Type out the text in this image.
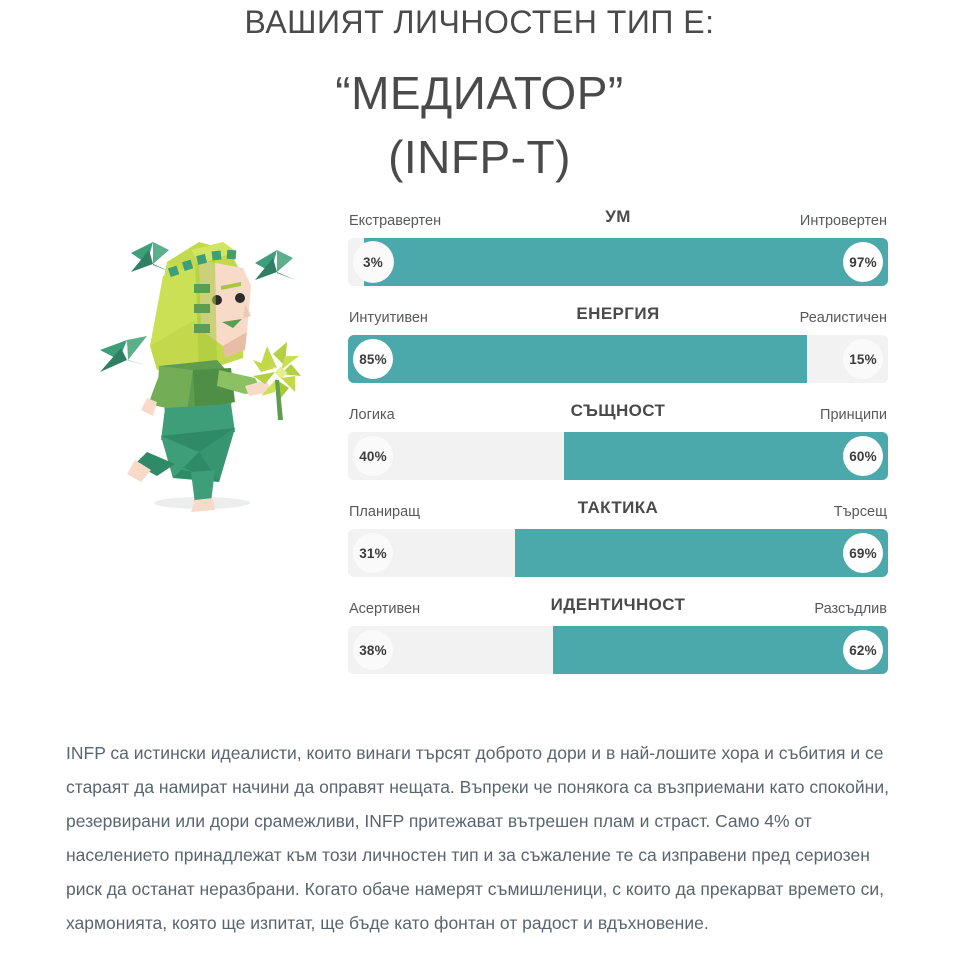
ВАШИЯТ ЛИЧНОСТЕН ТИП Е:
“МЕДИАТОР”
(INFP-T)
Екстравертен	УМ	Интровертен
3%	97%
Интуитивен	ЕНЕРГИЯ	Реалистичен
85%	15%
Логика	СЪЩНОСТ	Принципи
40%	60%
Планиращ	ТАКТИКА	Търсещ
31%	69%
Асертивен	ИДЕНТИЧНОСТ	Разсъдлив
38%	62%

INFP са истински идеалисти, които винаги търсят доброто дори и в най-лошите хора и събития и се стараят да намират начини да оправят нещата. Въпреки че понякога са възприемани като спокойни, резервирани или дори срамежливи, INFP притежават вътрешен плам и страст. Само 4% от населението принадлежат към този личностен тип и за съжаление те са изправени пред сериозен риск да останат неразбрани. Когато обаче намерят съмишленици, с които да прекарват времето си, хармонията, която ще изпитат, ще бъде като фонтан от радост и вдъхновение.
